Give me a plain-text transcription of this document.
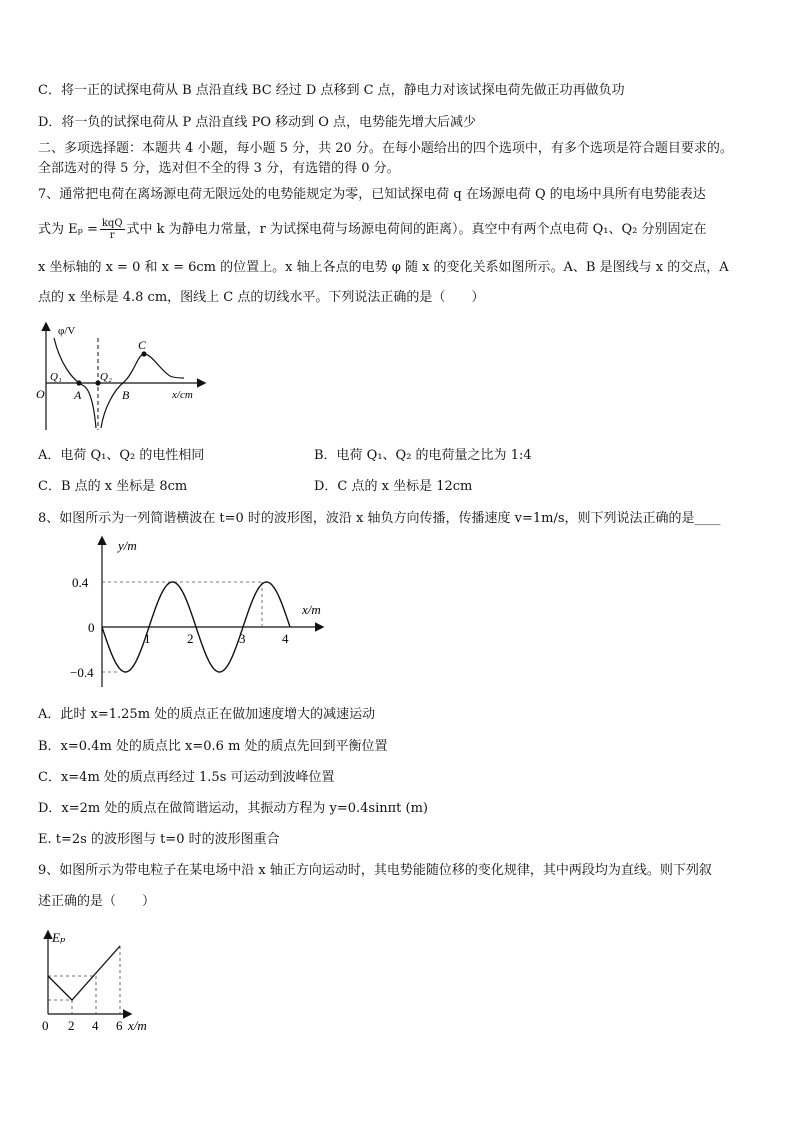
C．将一正的试探电荷从 B 点沿直线 BC 经过 D 点移到 C 点，静电力对该试探电荷先做正功再做负功
D．将一负的试探电荷从 P 点沿直线 PO 移动到 O 点，电势能先增大后减少
二、多项选择题：本题共 4 小题，每小题 5 分，共 20 分。在每小题给出的四个选项中，有多个选项是符合题目要求的。
全部选对的得 5 分，选对但不全的得 3 分，有选错的得 0 分。
7、通常把电荷在离场源电荷无限远处的电势能规定为零，已知试探电荷 q 在场源电荷 Q 的电场中具所有电势能表达
式为 $E_p = \frac{\text{kqQ}}{r}$ 式中 k 为静电力常量，r 为试探电荷与场源电荷间的距离）。真空中有两个点电荷 Q₁、Q₂ 分别固定在
x 坐标轴的 x = 0 和 x = 6cm 的位置上。x 轴上各点的电势 φ 随 x 的变化关系如图所示。A、B 是图线与 x 的交点，A
点的 x 坐标是 4.8 cm，图线上 C 点的切线水平。下列说法正确的是（　　）
φ/V
x/cm
O
Q₁	Q₂
A	B
C
A．电荷 Q₁、Q₂ 的电性相同	B．电荷 Q₁、Q₂ 的电荷量之比为 1:4
C．B 点的 x 坐标是 8cm	D．C 点的 x 坐标是 12cm
8、如图所示为一列简谐横波在 t=0 时的波形图，波沿 x 轴负方向传播，传播速度 v=1m/s，则下列说法正确的是____
y/m
x/m
0.4
0
−0.4
1	2	3	4
A．此时 x=1.25m 处的质点正在做加速度增大的减速运动
B．x=0.4m 处的质点比 x=0.6 m 处的质点先回到平衡位置
C．x=4m 处的质点再经过 1.5s 可运动到波峰位置
D．x=2m 处的质点在做简谐运动，其振动方程为 y=0.4sinπt (m)
E. t=2s 的波形图与 t=0 时的波形图重合
9、如图所示为带电粒子在某电场中沿 x 轴正方向运动时，其电势能随位移的变化规律，其中两段均为直线。则下列叙
述正确的是（　　）
Eₚ
0 2 4 6 x/m
